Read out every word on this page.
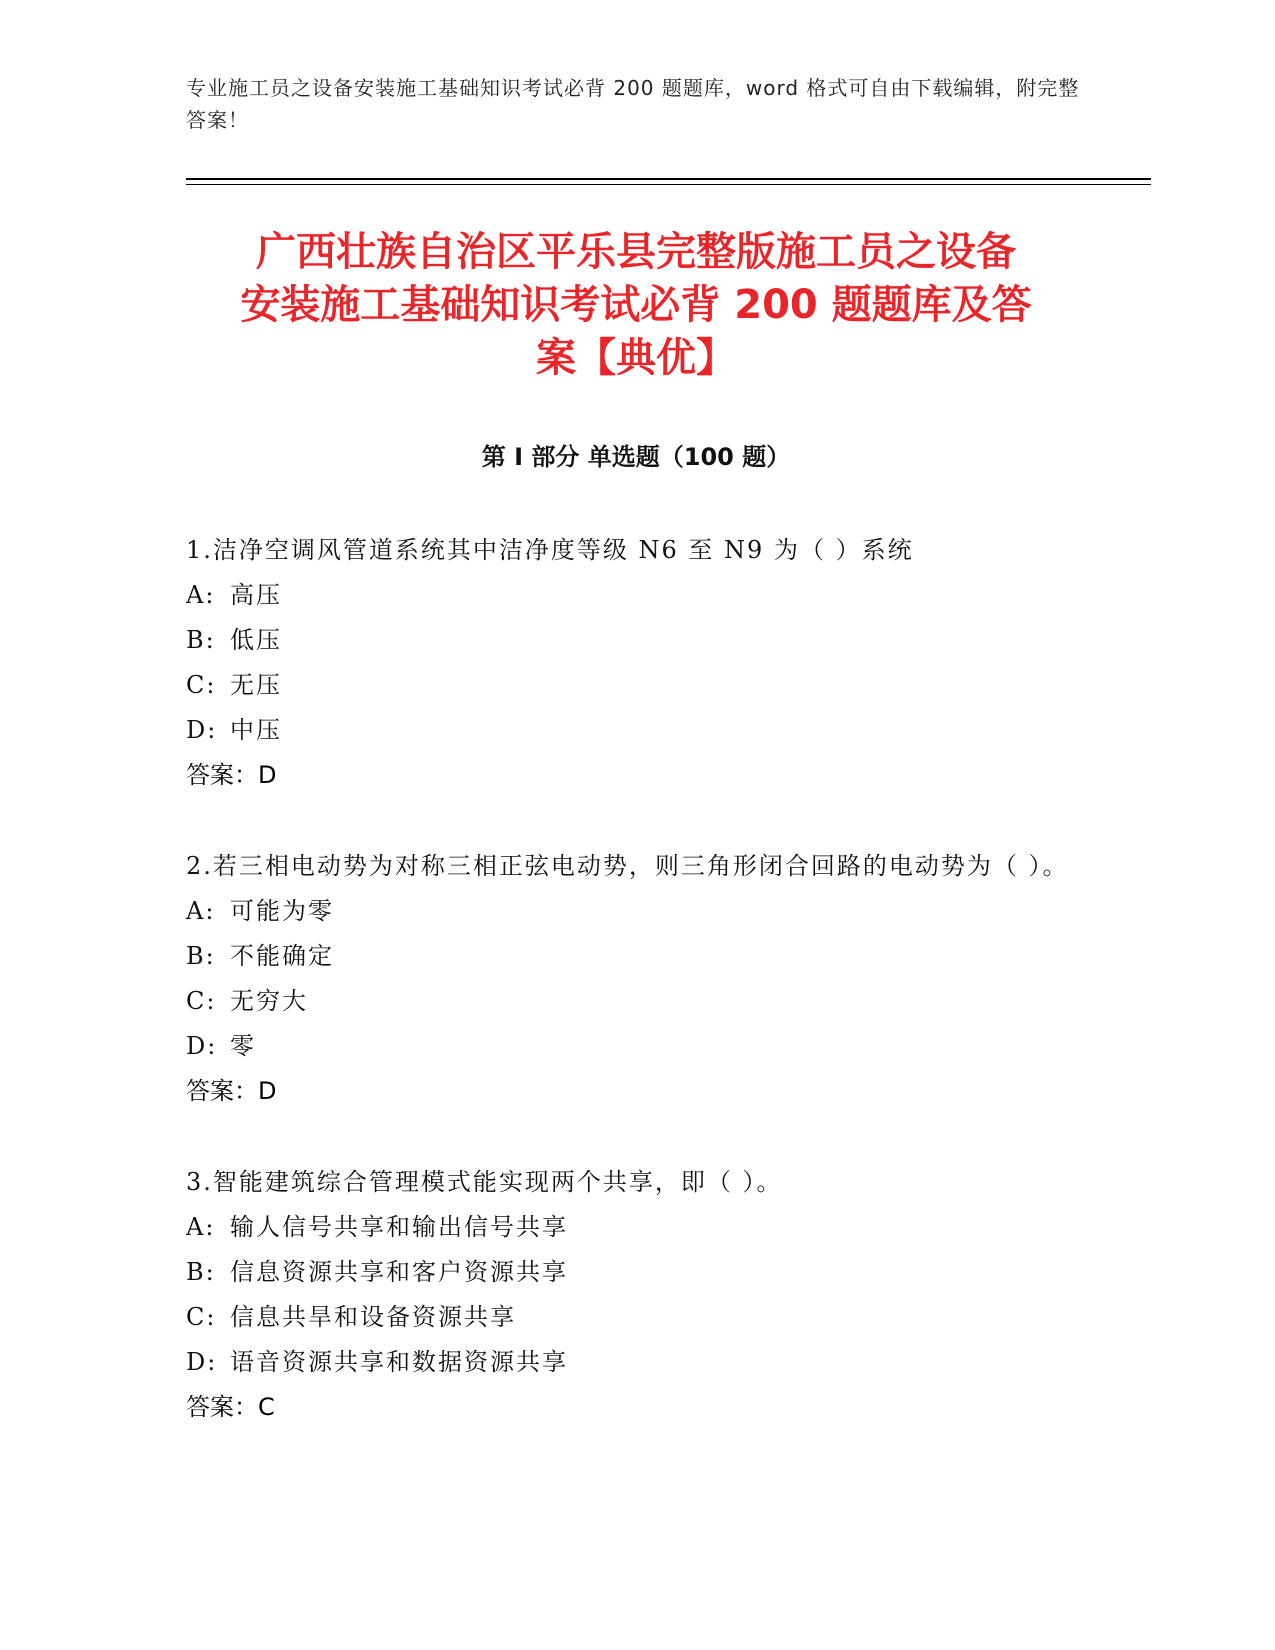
专业施工员之设备安装施工基础知识考试必背 200 题题库，word 格式可自由下载编辑，附完整答案！
广西壮族自治区平乐县完整版施工员之设备
安装施工基础知识考试必背 200 题题库及答
案【典优】
第 I 部分 单选题（100 题）

1.洁净空调风管道系统其中洁净度等级 N6 至 N9 为（ ）系统

A: 高压
B: 低压
C: 无压
D: 中压
答案：D

2.若三相电动势为对称三相正弦电动势，则三角形闭合回路的电动势为（ ）。

A: 可能为零
B: 不能确定
C: 无穷大
D: 零
答案：D

3.智能建筑综合管理模式能实现两个共享，即（ ）。

A: 输人信号共享和输出信号共享
B: 信息资源共享和客户资源共享
C: 信息共旱和设备资源共享
D: 语音资源共享和数据资源共享
答案：C
